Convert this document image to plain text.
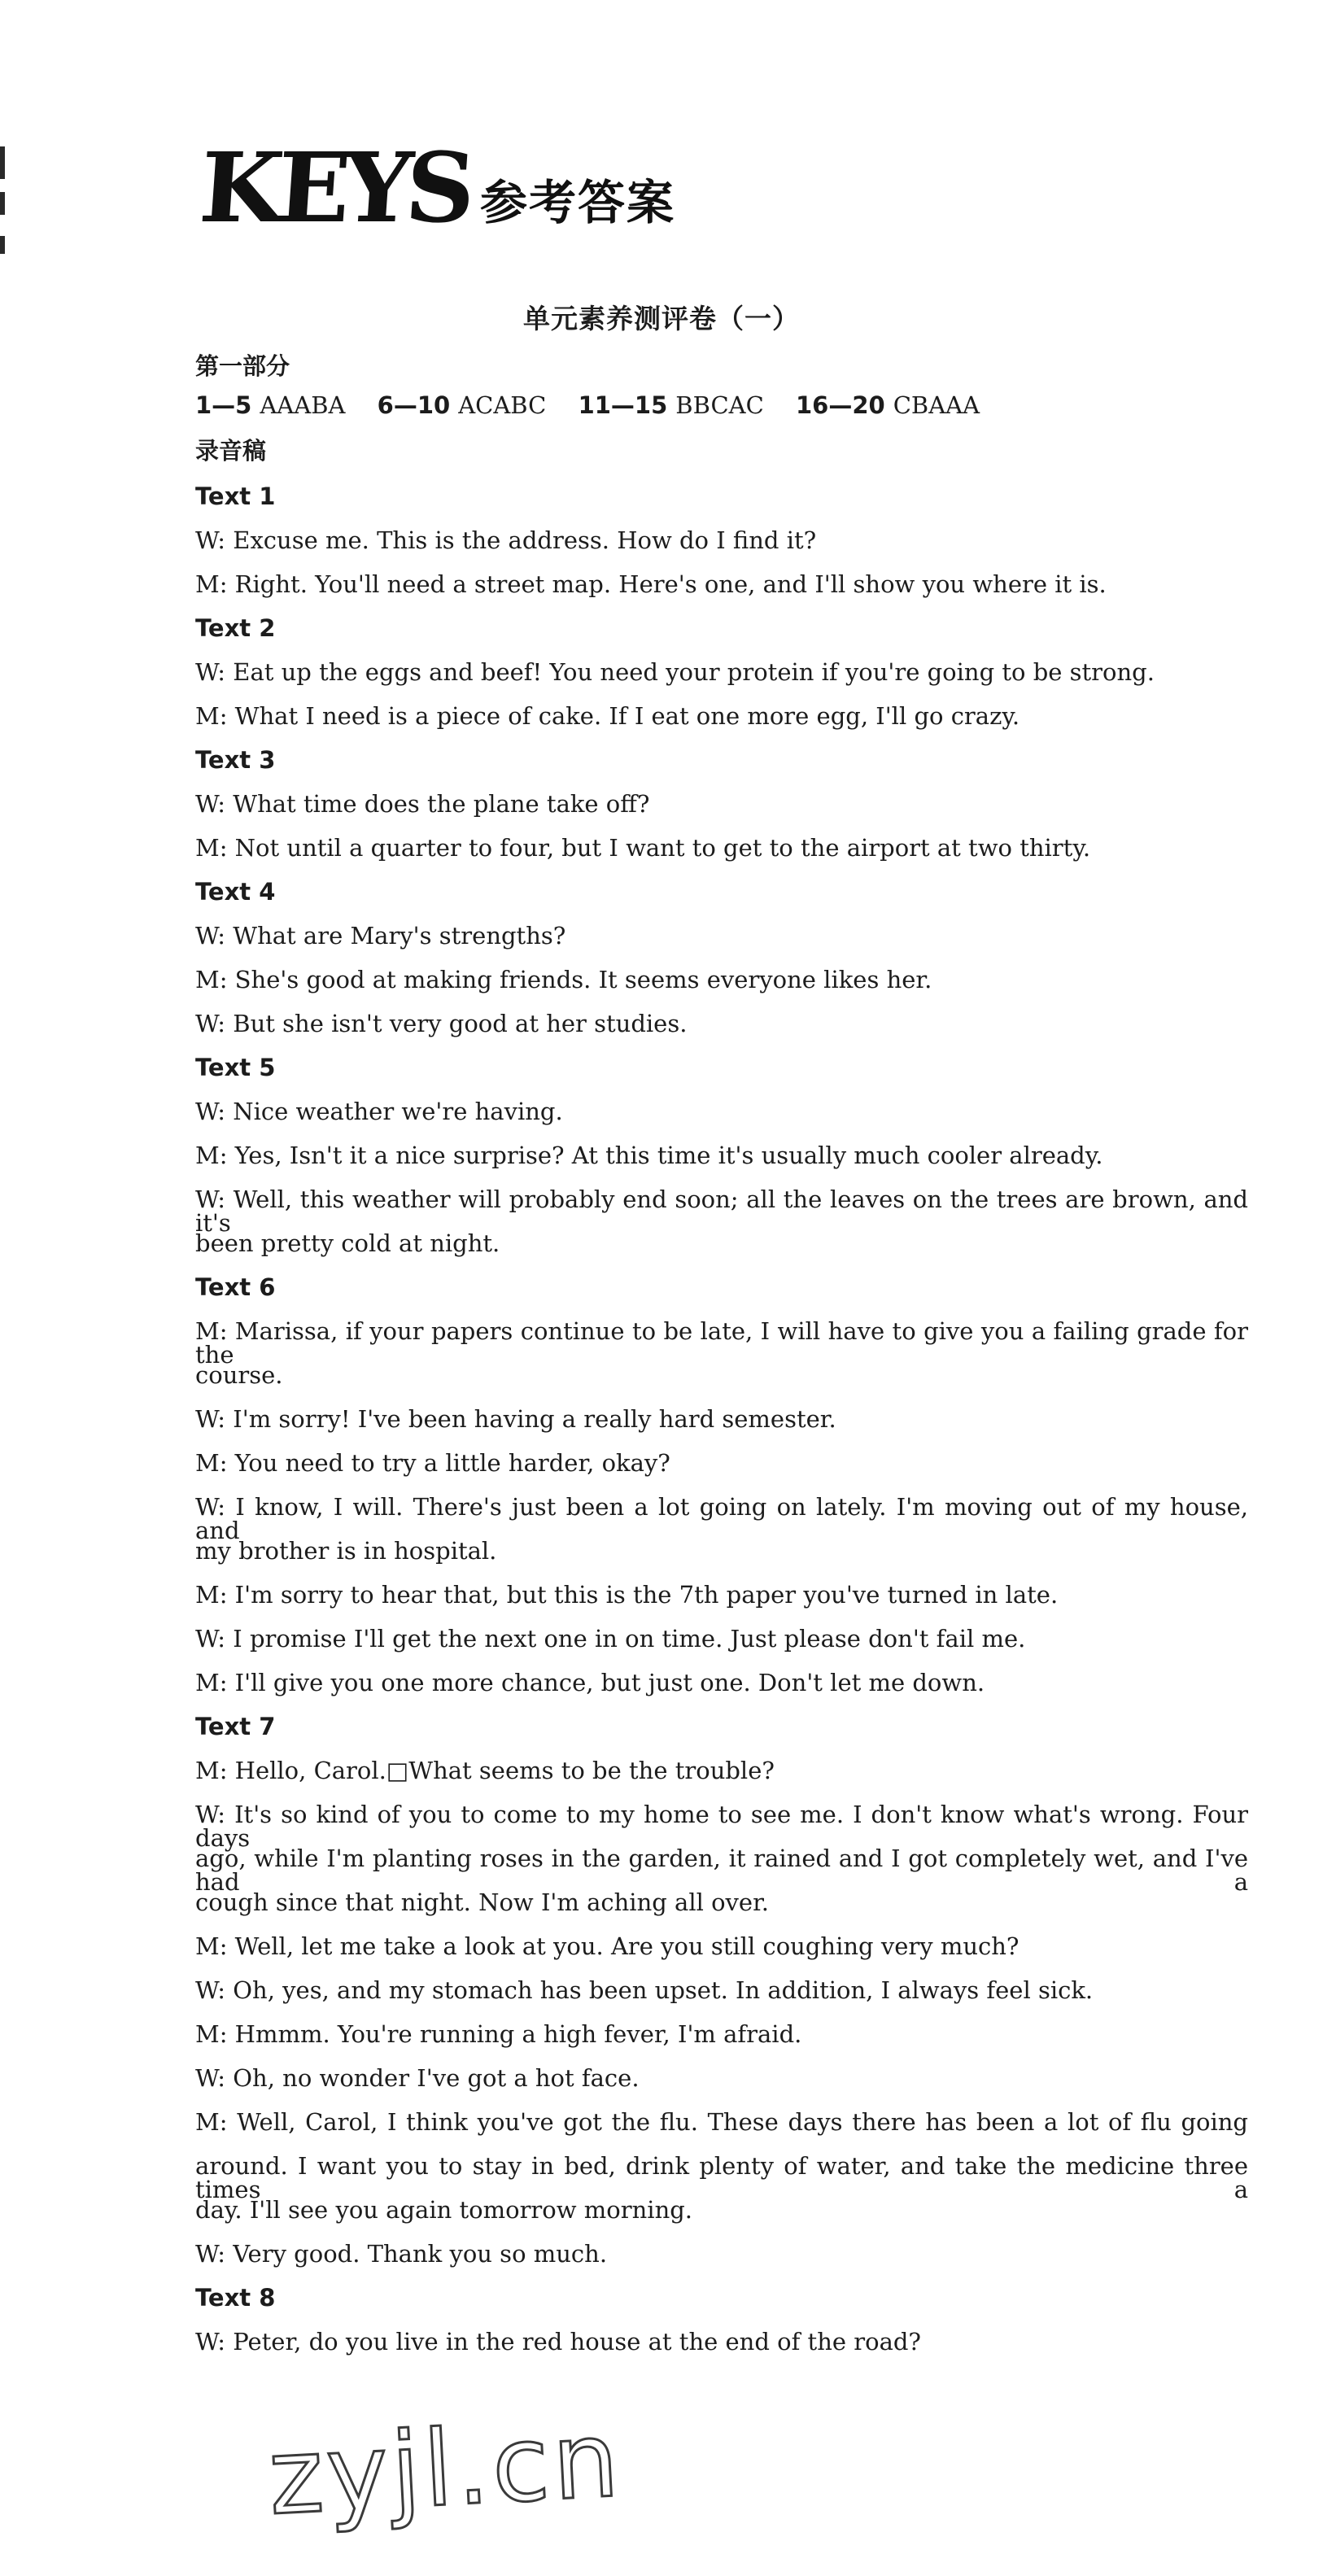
KEYS 参考答案
单元素养测评卷（一）
第一部分
1—5 AAABA 6—10 ACABC 11—15 BBCAC 16—20 CBAAA
录音稿
Text 1
W: Excuse me. This is the address. How do I find it?
M: Right. You'll need a street map. Here's one, and I'll show you where it is.
Text 2
W: Eat up the eggs and beef! You need your protein if you're going to be strong.
M: What I need is a piece of cake. If I eat one more egg, I'll go crazy.
Text 3
W: What time does the plane take off?
M: Not until a quarter to four, but I want to get to the airport at two thirty.
Text 4
W: What are Mary's strengths?
M: She's good at making friends. It seems everyone likes her.
W: But she isn't very good at her studies.
Text 5
W: Nice weather we're having.
M: Yes, Isn't it a nice surprise? At this time it's usually much cooler already.
W: Well, this weather will probably end soon; all the leaves on the trees are brown, and it's
been pretty cold at night.
Text 6
M: Marissa, if your papers continue to be late, I will have to give you a failing grade for the
course.
W: I'm sorry! I've been having a really hard semester.
M: You need to try a little harder, okay?
W: I know, I will. There's just been a lot going on lately. I'm moving out of my house, and
my brother is in hospital.
M: I'm sorry to hear that, but this is the 7th paper you've turned in late.
W: I promise I'll get the next one in on time. Just please don't fail me.
M: I'll give you one more chance, but just one. Don't let me down.
Text 7
M: Hello, Carol.□What seems to be the trouble?
W: It's so kind of you to come to my home to see me. I don't know what's wrong. Four days
ago, while I'm planting roses in the garden, it rained and I got completely wet, and I've had a
cough since that night. Now I'm aching all over.
M: Well, let me take a look at you. Are you still coughing very much?
W: Oh, yes, and my stomach has been upset. In addition, I always feel sick.
M: Hmmm. You're running a high fever, I'm afraid.
W: Oh, no wonder I've got a hot face.
M: Well, Carol, I think you've got the flu. These days there has been a lot of flu going
around. I want you to stay in bed, drink plenty of water, and take the medicine three times a
day. I'll see you again tomorrow morning.
W: Very good. Thank you so much.
Text 8
W: Peter, do you live in the red house at the end of the road?
zyjl.cn
